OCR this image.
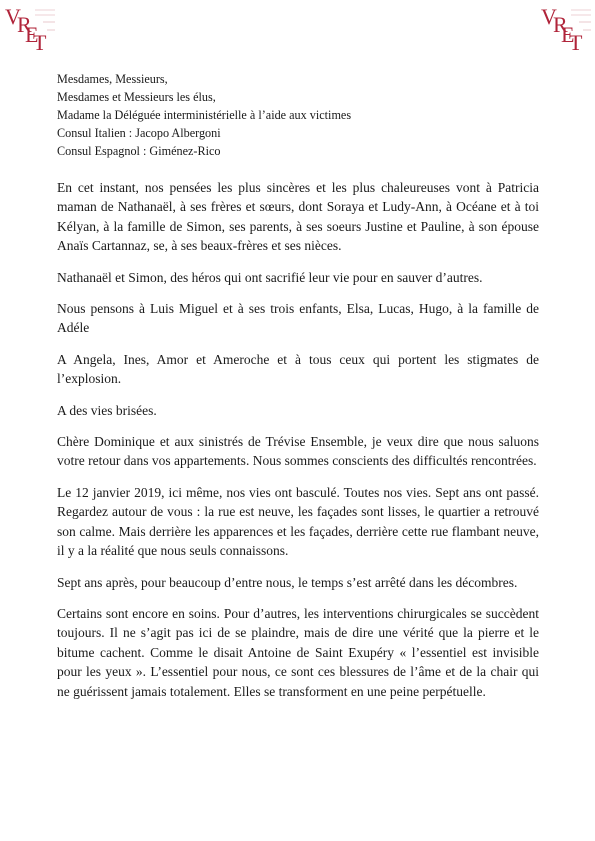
V
R
E
T
V
R
E
T
Mesdames, Messieurs,
Mesdames et Messieurs les élus,
Madame la Déléguée interministérielle à l’aide aux victimes
Consul Italien : Jacopo Albergoni
Consul Espagnol : Giménez-Rico

En cet instant, nos pensées les plus sincères et les plus chaleureuses vont à Patricia maman de Nathanaël, à ses frères et sœurs, dont Soraya et Ludy-Ann, à Océane et à toi Kélyan, à la famille de Simon, ses parents, à ses soeurs Justine et Pauline, à son épouse Anaïs Cartannaz, se, à ses beaux-frères et ses nièces.

Nathanaël et Simon, des héros qui ont sacrifié leur vie pour en sauver d’autres.

Nous pensons à Luis Miguel et à ses trois enfants, Elsa, Lucas, Hugo, à la famille de Adéle

A Angela, Ines, Amor et Ameroche et à tous ceux qui portent les stigmates de l’explosion.

A des vies brisées.

Chère Dominique et aux sinistrés de Trévise Ensemble, je veux dire que nous saluons votre retour dans vos appartements. Nous sommes conscients des difficultés rencontrées.

Le 12 janvier 2019, ici même, nos vies ont basculé. Toutes nos vies. Sept ans ont passé. Regardez autour de vous : la rue est neuve, les façades sont lisses, le quartier a retrouvé son calme. Mais derrière les apparences et les façades, derrière cette rue flambant neuve, il y a la réalité que nous seuls connaissons.

Sept ans après, pour beaucoup d’entre nous, le temps s’est arrêté dans les décombres.

Certains sont encore en soins. Pour d’autres, les interventions chirurgicales se succèdent toujours. Il ne s’agit pas ici de se plaindre, mais de dire une vérité que la pierre et le bitume cachent. Comme le disait Antoine de Saint Exupéry « l’essentiel est invisible pour les yeux ». L’essentiel pour nous, ce sont ces blessures de l’âme et de la chair qui ne guérissent jamais totalement. Elles se transforment en une peine perpétuelle.
